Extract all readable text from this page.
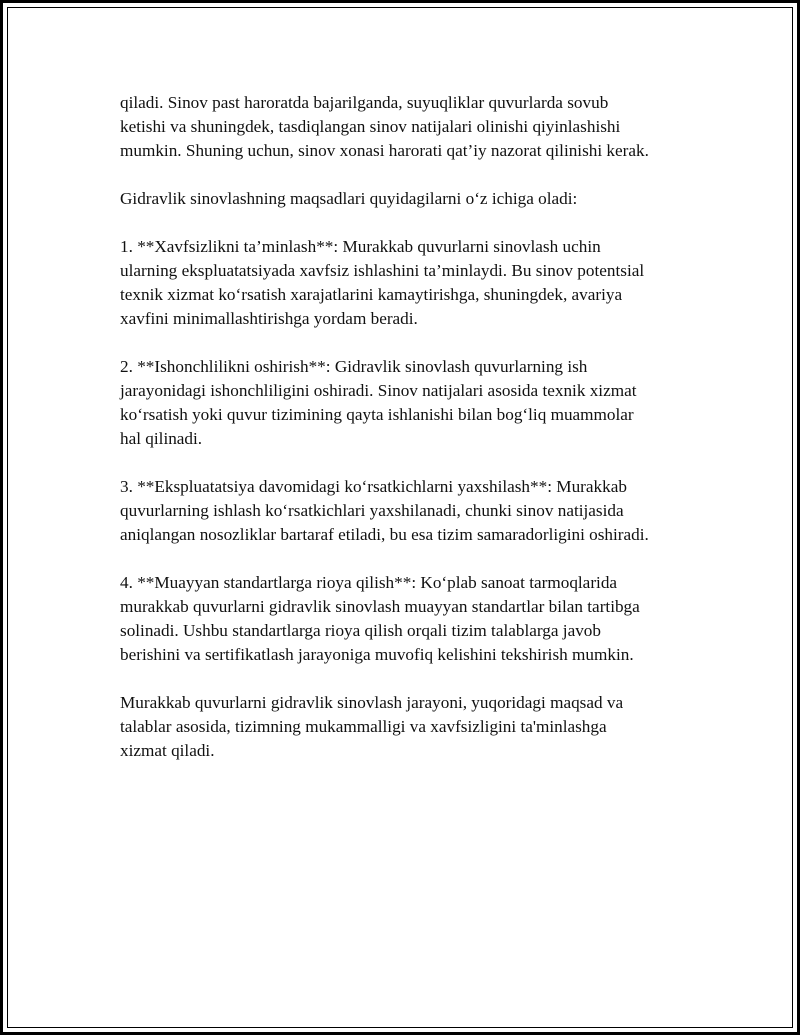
qiladi. Sinov past haroratda bajarilganda, suyuqliklar quvurlarda sovub
ketishi va shuningdek, tasdiqlangan sinov natijalari olinishi qiyinlashishi
mumkin. Shuning uchun, sinov xonasi harorati qat’iy nazorat qilinishi kerak.

Gidravlik sinovlashning maqsadlari quyidagilarni o‘z ichiga oladi:

1. **Xavfsizlikni ta’minlash**: Murakkab quvurlarni sinovlash uchin
ularning ekspluatatsiyada xavfsiz ishlashini ta’minlaydi. Bu sinov potentsial
texnik xizmat ko‘rsatish xarajatlarini kamaytirishga, shuningdek, avariya
xavfini minimallashtirishga yordam beradi.

2. **Ishonchlilikni oshirish**: Gidravlik sinovlash quvurlarning ish
jarayonidagi ishonchliligini oshiradi. Sinov natijalari asosida texnik xizmat
ko‘rsatish yoki quvur tizimining qayta ishlanishi bilan bog‘liq muammolar
hal qilinadi.

3. **Ekspluatatsiya davomidagi ko‘rsatkichlarni yaxshilash**: Murakkab
quvurlarning ishlash ko‘rsatkichlari yaxshilanadi, chunki sinov natijasida
aniqlangan nosozliklar bartaraf etiladi, bu esa tizim samaradorligini oshiradi.

4. **Muayyan standartlarga rioya qilish**: Ko‘plab sanoat tarmoqlarida
murakkab quvurlarni gidravlik sinovlash muayyan standartlar bilan tartibga
solinadi. Ushbu standartlarga rioya qilish orqali tizim talablarga javob
berishini va sertifikatlash jarayoniga muvofiq kelishini tekshirish mumkin.

Murakkab quvurlarni gidravlik sinovlash jarayoni, yuqoridagi maqsad va
talablar asosida, tizimning mukammalligi va xavfsizligini ta'minlashga
xizmat qiladi.
